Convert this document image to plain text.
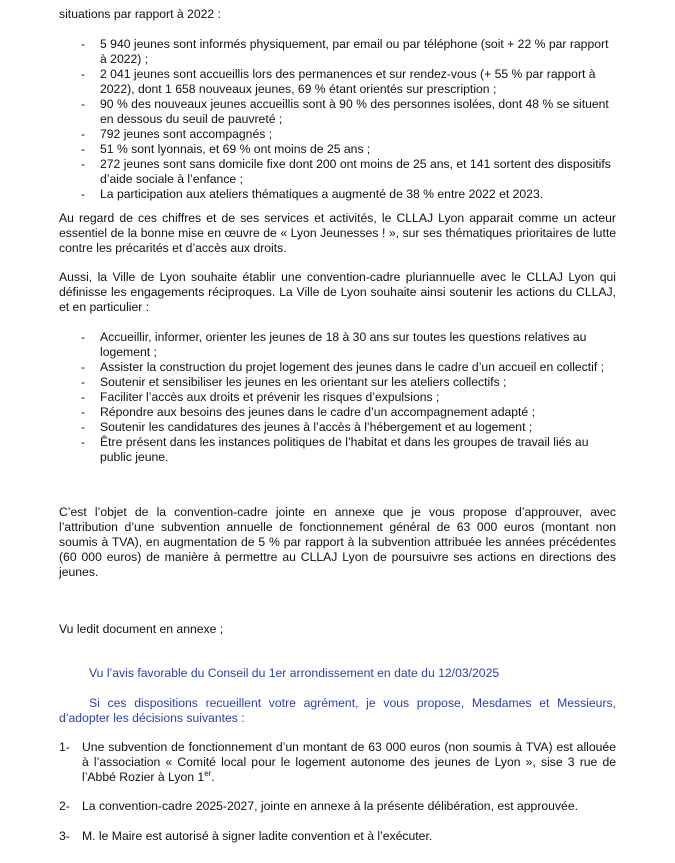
situations par rapport à 2022 :

- 5 940 jeunes sont informés physiquement, par email ou par téléphone (soit + 22 % par rapport à 2022) ;
- 2 041 jeunes sont accueillis lors des permanences et sur rendez-vous (+ 55 % par rapport à 2022), dont 1 658 nouveaux jeunes, 69 % étant orientés sur prescription ;
- 90 % des nouveaux jeunes accueillis sont à 90 % des personnes isolées, dont 48 % se situent en dessous du seuil de pauvreté ;
- 792 jeunes sont accompagnés ;
- 51 % sont lyonnais, et 69 % ont moins de 25 ans ;
- 272 jeunes sont sans domicile fixe dont 200 ont moins de 25 ans, et 141 sortent des dispositifs d’aide sociale à l’enfance ;
- La participation aux ateliers thématiques a augmenté de 38 % entre 2022 et 2023.

Au regard de ces chiffres et de ses services et activités, le CLLAJ Lyon apparait comme un acteur essentiel de la bonne mise en œuvre de « Lyon Jeunesses ! », sur ses thématiques prioritaires de lutte contre les précarités et d’accès aux droits.

Aussi, la Ville de Lyon souhaite établir une convention-cadre pluriannuelle avec le CLLAJ Lyon qui définisse les engagements réciproques. La Ville de Lyon souhaite ainsi soutenir les actions du CLLAJ, et en particulier :

- Accueillir, informer, orienter les jeunes de 18 à 30 ans sur toutes les questions relatives au logement ;
- Assister la construction du projet logement des jeunes dans le cadre d’un accueil en collectif ;
- Soutenir et sensibiliser les jeunes en les orientant sur les ateliers collectifs ;
- Faciliter l’accès aux droits et prévenir les risques d’expulsions ;
- Répondre aux besoins des jeunes dans le cadre d’un accompagnement adapté ;
- Soutenir les candidatures des jeunes à l’accès à l’hébergement et au logement ;
- Être présent dans les instances politiques de l’habitat et dans les groupes de travail liés au public jeune.

C’est l’objet de la convention-cadre jointe en annexe que je vous propose d’approuver, avec l’attribution d’une subvention annuelle de fonctionnement général de 63 000 euros (montant non soumis à TVA), en augmentation de 5 % par rapport à la subvention attribuée les années précédentes (60 000 euros) de manière à permettre au CLLAJ Lyon de poursuivre ses actions en directions des jeunes.

Vu ledit document en annexe ;

Vu l’avis favorable du Conseil du 1er arrondissement en date du 12/03/2025

Si ces dispositions recueillent votre agrément, je vous propose, Mesdames et Messieurs, d’adopter les décisions suivantes :

1- Une subvention de fonctionnement d’un montant de 63 000 euros (non soumis à TVA) est allouée à l’association « Comité local pour le logement autonome des jeunes de Lyon », sise 3 rue de l’Abbé Rozier à Lyon 1er.
2- La convention-cadre 2025-2027, jointe en annexe à la présente délibération, est approuvée.
3- M. le Maire est autorisé à signer ladite convention et à l’exécuter.
